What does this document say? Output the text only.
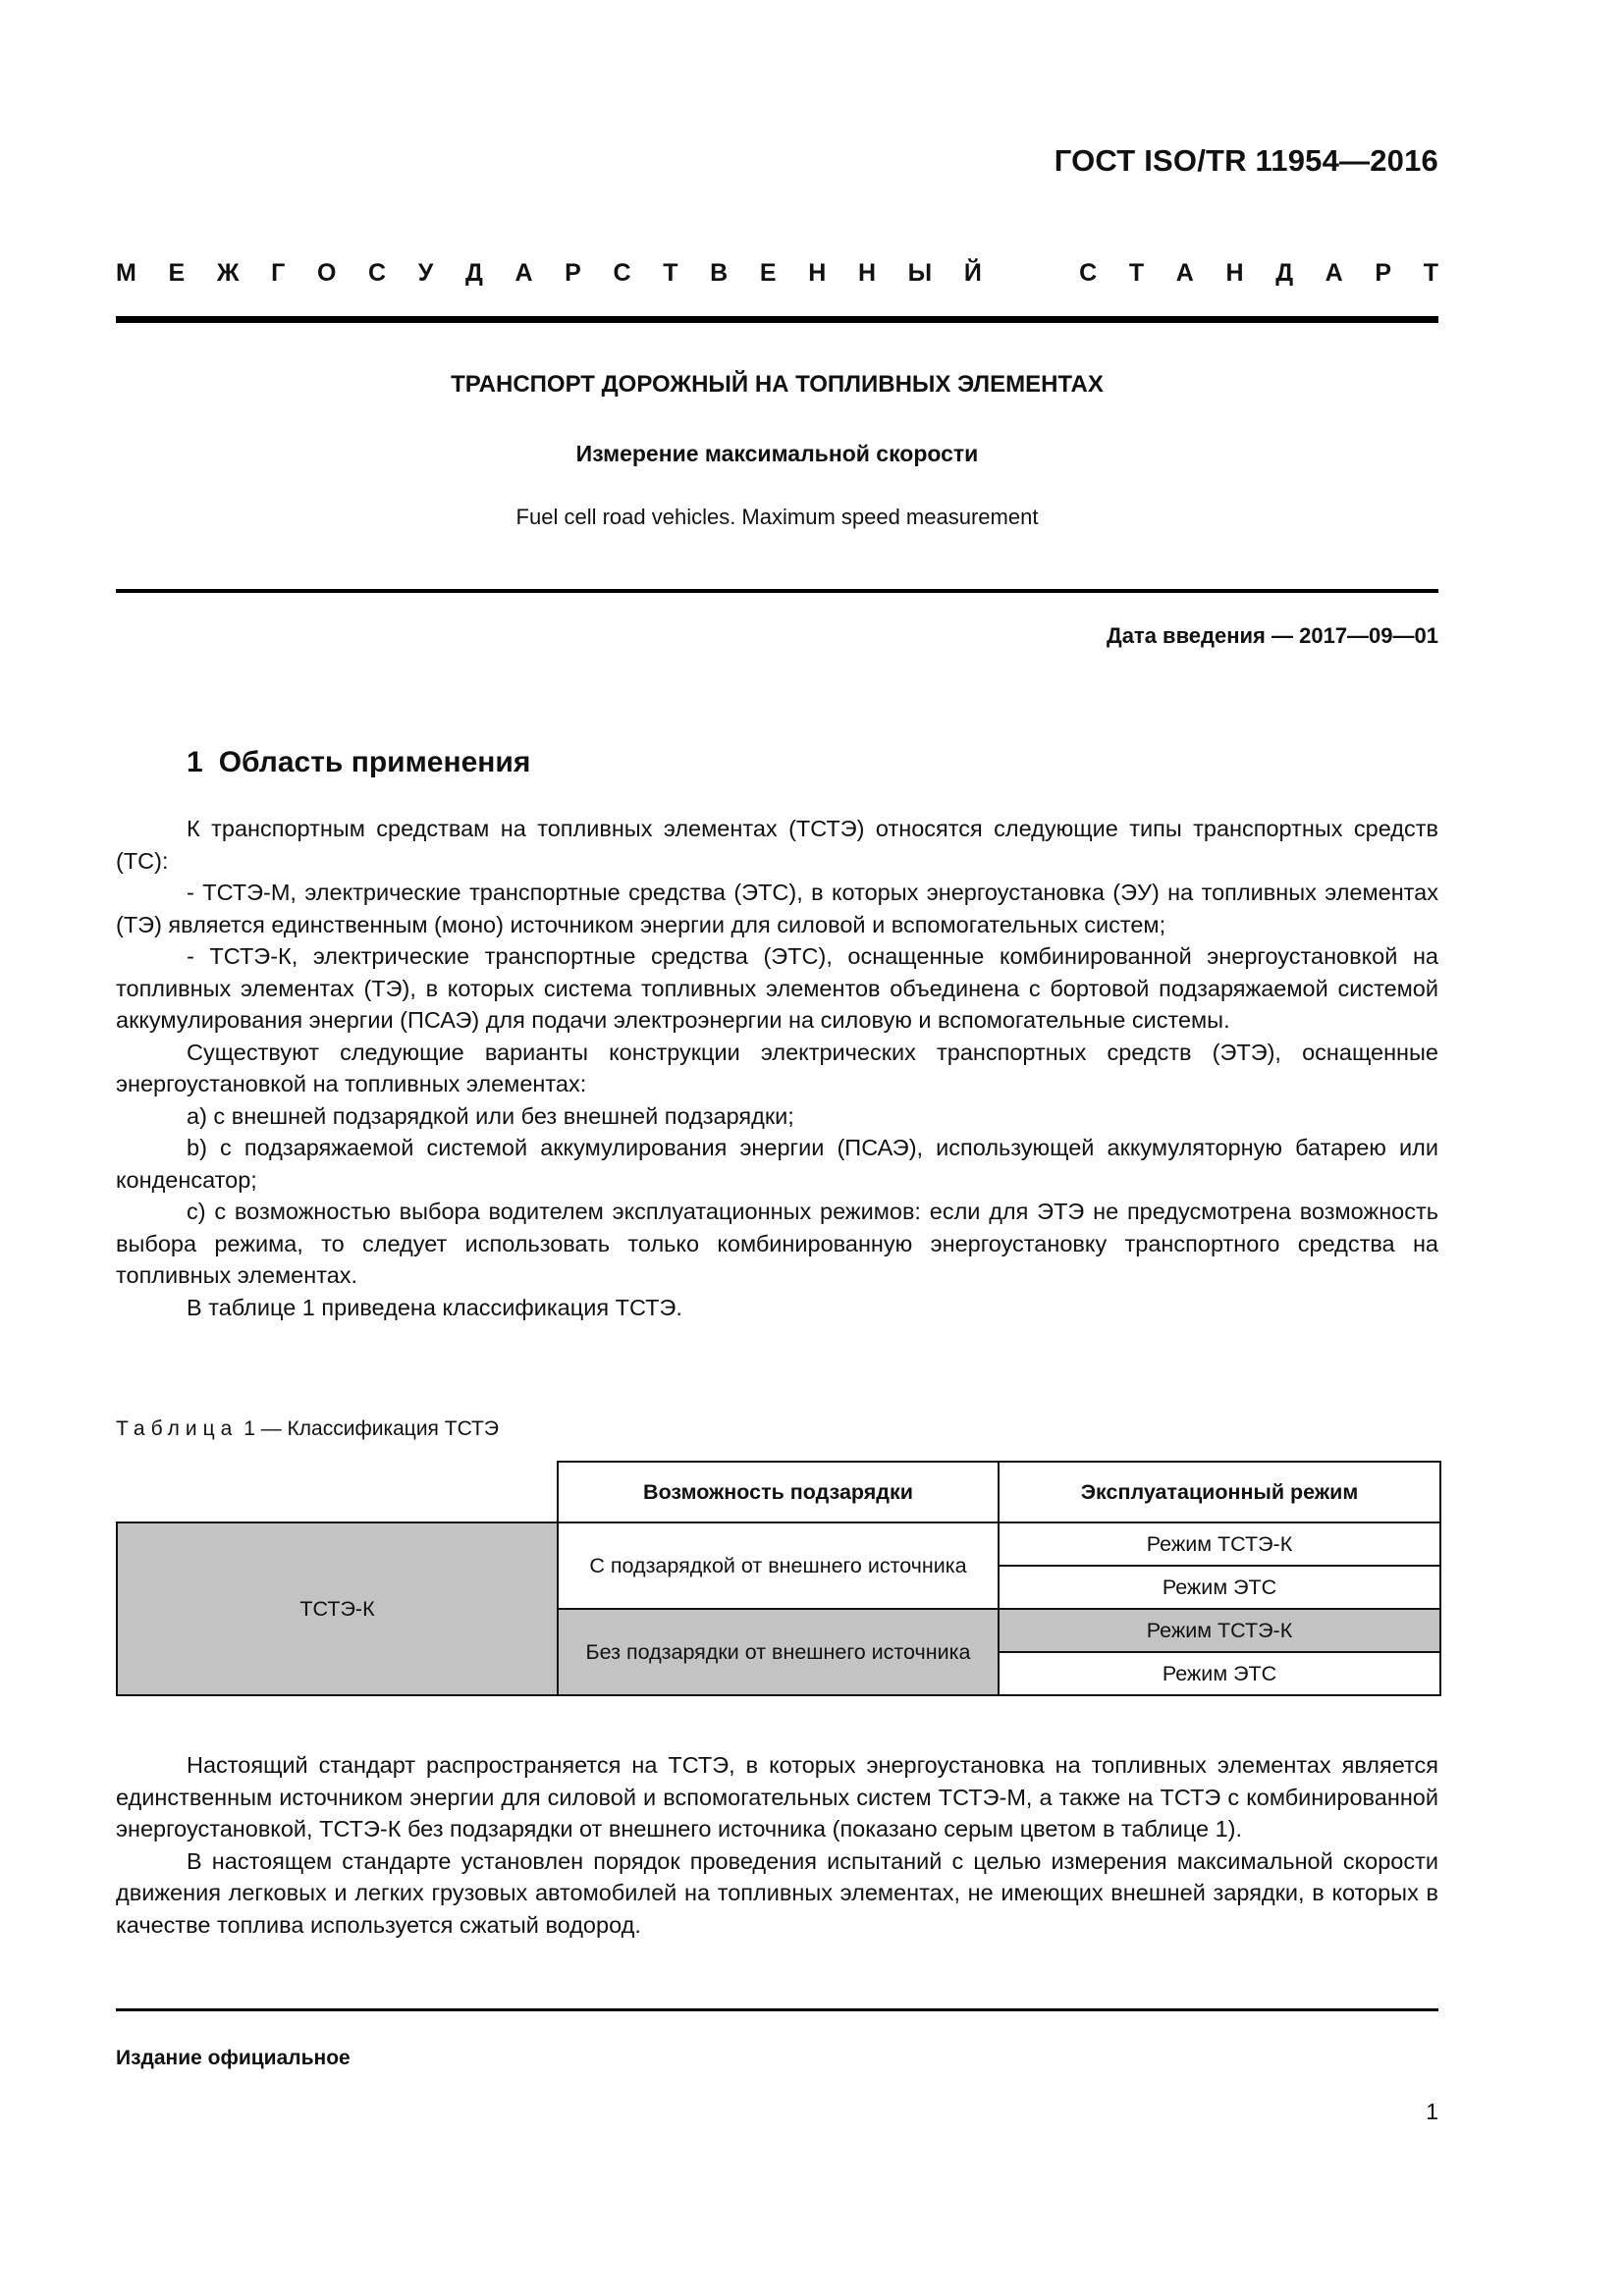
ГОСТ ISO/TR 11954—2016
М Е Ж Г О С У Д А Р С Т В Е Н Н Ы Й	С Т А Н Д А Р Т
ТРАНСПОРТ ДОРОЖНЫЙ НА ТОПЛИВНЫХ ЭЛЕМЕНТАХ
Измерение максимальной скорости
Fuel cell road vehicles. Maximum speed measurement
Дата введения — 2017—09—01
1 Область применения

К транспортным средствам на топливных элементах (ТСТЭ) относятся следующие типы транспортных средств (ТС):

- ТСТЭ-М, электрические транспортные средства (ЭТС), в которых энергоустановка (ЭУ) на топливных элементах (ТЭ) является единственным (моно) источником энергии для силовой и вспомогательных систем;

- ТСТЭ-К, электрические транспортные средства (ЭТС), оснащенные комбинированной энергоустановкой на топливных элементах (ТЭ), в которых система топливных элементов объединена с бортовой подзаряжаемой системой аккумулирования энергии (ПСАЭ) для подачи электроэнергии на силовую и вспомогательные системы.

Существуют следующие варианты конструкции электрических транспортных средств (ЭТЭ), оснащенные энергоустановкой на топливных элементах:

a) с внешней подзарядкой или без внешней подзарядки;

b) с подзаряжаемой системой аккумулирования энергии (ПСАЭ), использующей аккумуляторную батарею или конденсатор;

c) с возможностью выбора водителем эксплуатационных режимов: если для ЭТЭ не предусмотрена возможность выбора режима, то следует использовать только комбинированную энергоустановку транспортного средства на топливных элементах.

В таблице 1 приведена классификация ТСТЭ.

Таблица 1 — Классификация ТСТЭ
	Возможность подзарядки	Эксплуатационный режим
ТСТЭ-К	С подзарядкой от внешнего источника	Режим ТСТЭ-К
		Режим ЭТС
	Без подзарядки от внешнего источника	Режим ТСТЭ-К
		Режим ЭТС

Настоящий стандарт распространяется на ТСТЭ, в которых энергоустановка на топливных элементах является единственным источником энергии для силовой и вспомогательных систем ТСТЭ-М, а также на ТСТЭ с комбинированной энергоустановкой, ТСТЭ-К без подзарядки от внешнего источника (показано серым цветом в таблице 1).

В настоящем стандарте установлен порядок проведения испытаний с целью измерения максимальной скорости движения легковых и легких грузовых автомобилей на топливных элементах, не имеющих внешней зарядки, в которых в качестве топлива используется сжатый водород.

Издание официальное
1
